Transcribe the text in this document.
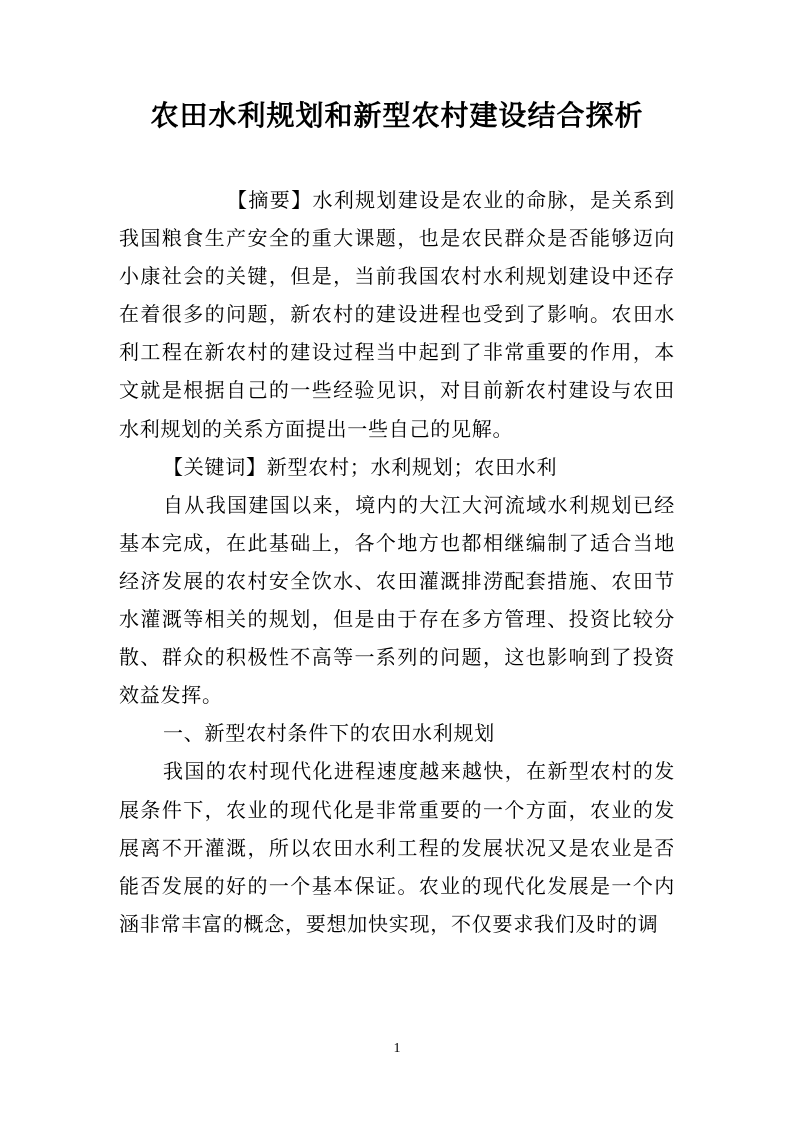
农田水利规划和新型农村建设结合探析

【摘要】水利规划建设是农业的命脉，是关系到我国粮食生产安全的重大课题，也是农民群众是否能够迈向小康社会的关键，但是，当前我国农村水利规划建设中还存在着很多的问题，新农村的建设进程也受到了影响。农田水利工程在新农村的建设过程当中起到了非常重要的作用，本文就是根据自己的一些经验见识，对目前新农村建设与农田水利规划的关系方面提出一些自己的见解。

【关键词】新型农村；水利规划；农田水利

自从我国建国以来，境内的大江大河流域水利规划已经基本完成，在此基础上，各个地方也都相继编制了适合当地经济发展的农村安全饮水、农田灌溉排涝配套措施、农田节水灌溉等相关的规划，但是由于存在多方管理、投资比较分散、群众的积极性不高等一系列的问题，这也影响到了投资效益发挥。

一、新型农村条件下的农田水利规划

我国的农村现代化进程速度越来越快，在新型农村的发展条件下，农业的现代化是非常重要的一个方面，农业的发展离不开灌溉，所以农田水利工程的发展状况又是农业是否能否发展的好的一个基本保证。农业的现代化发展是一个内涵非常丰富的概念，要想加快实现，不仅要求我们及时的调

1
